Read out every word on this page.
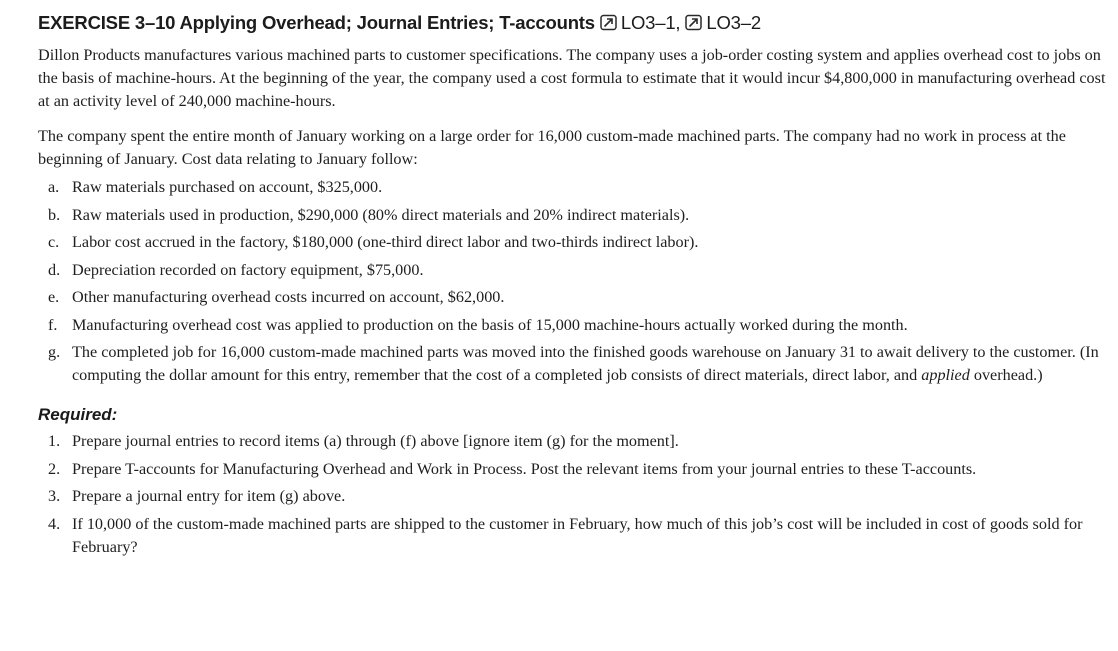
EXERCISE 3–10 Applying Overhead; Journal Entries; T-accounts LO3–1, LO3–2

Dillon Products manufactures various machined parts to customer specifications. The company uses a job-order costing system and applies overhead cost to jobs on the basis of machine-hours. At the beginning of the year, the company used a cost formula to estimate that it would incur $4,800,000 in manufacturing overhead cost at an activity level of 240,000 machine-hours.

The company spent the entire month of January working on a large order for 16,000 custom-made machined parts. The company had no work in process at the beginning of January. Cost data relating to January follow:

a. Raw materials purchased on account, $325,000.
b. Raw materials used in production, $290,000 (80% direct materials and 20% indirect materials).
c. Labor cost accrued in the factory, $180,000 (one-third direct labor and two-thirds indirect labor).
d. Depreciation recorded on factory equipment, $75,000.
e. Other manufacturing overhead costs incurred on account, $62,000.
f. Manufacturing overhead cost was applied to production on the basis of 15,000 machine-hours actually worked during the month.
g. The completed job for 16,000 custom-made machined parts was moved into the finished goods warehouse on January 31 to await delivery to the customer. (In computing the dollar amount for this entry, remember that the cost of a completed job consists of direct materials, direct labor, and applied overhead.)
Required:
1. Prepare journal entries to record items (a) through (f) above [ignore item (g) for the moment].
2. Prepare T-accounts for Manufacturing Overhead and Work in Process. Post the relevant items from your journal entries to these T-accounts.
3. Prepare a journal entry for item (g) above.
4. If 10,000 of the custom-made machined parts are shipped to the customer in February, how much of this job’s cost will be included in cost of goods sold for February?
